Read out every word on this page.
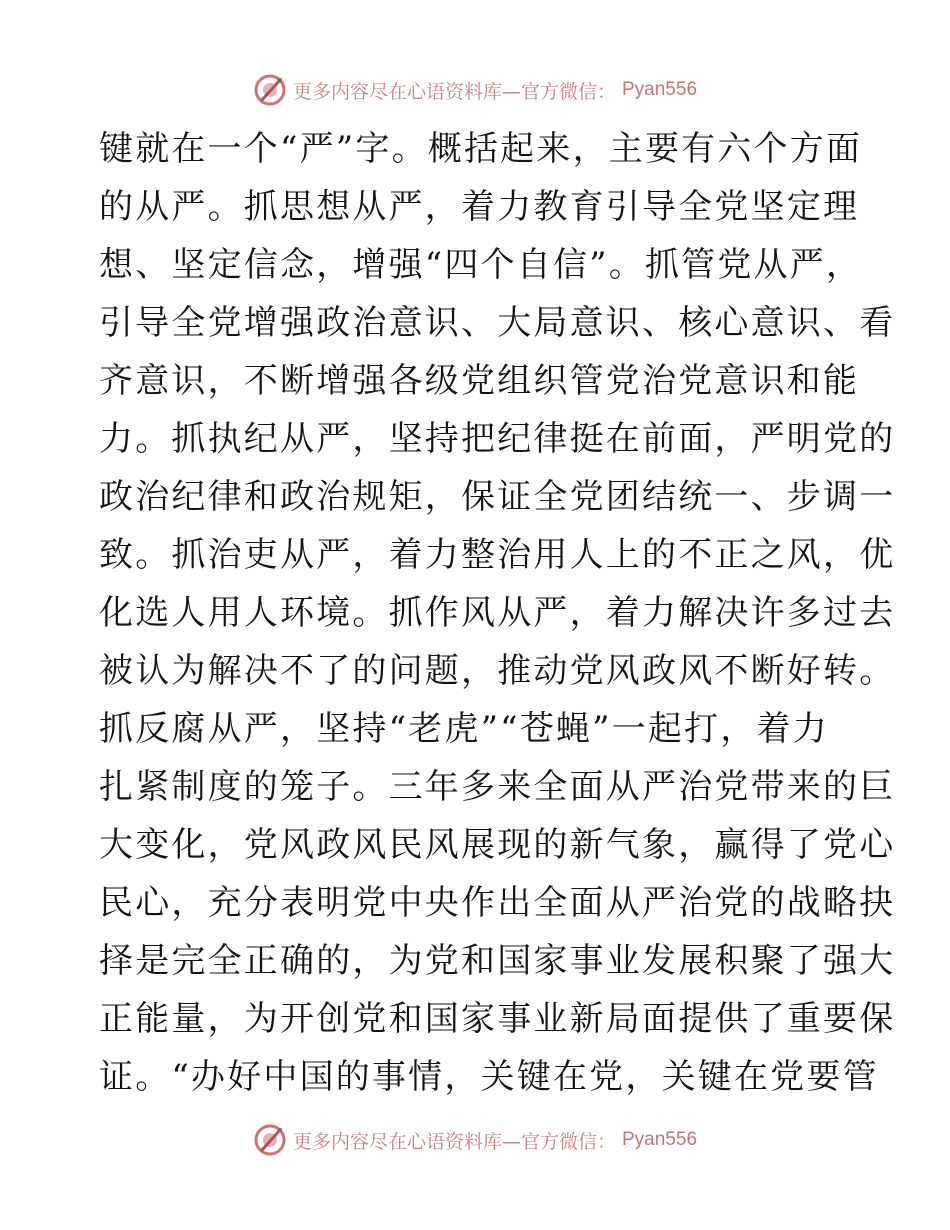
更多内容尽在心语资料库—官方微信： Pyan556
键就在一个“严”字。概括起来，主要有六个方面
的从严。抓思想从严，着力教育引导全党坚定理
想、坚定信念，增强“四个自信”。抓管党从严，
引导全党增强政治意识、大局意识、核心意识、看
齐意识，不断增强各级党组织管党治党意识和能
力。抓执纪从严，坚持把纪律挺在前面，严明党的
政治纪律和政治规矩，保证全党团结统一、步调一
致。抓治吏从严，着力整治用人上的不正之风，优
化选人用人环境。抓作风从严，着力解决许多过去
被认为解决不了的问题，推动党风政风不断好转。
抓反腐从严，坚持“老虎”“苍蝇”一起打，着力
扎紧制度的笼子。三年多来全面从严治党带来的巨
大变化，党风政风民风展现的新气象，赢得了党心
民心，充分表明党中央作出全面从严治党的战略抉
择是完全正确的，为党和国家事业发展积聚了强大
正能量，为开创党和国家事业新局面提供了重要保
证。“办好中国的事情，关键在党，关键在党要管
更多内容尽在心语资料库—官方微信： Pyan556
